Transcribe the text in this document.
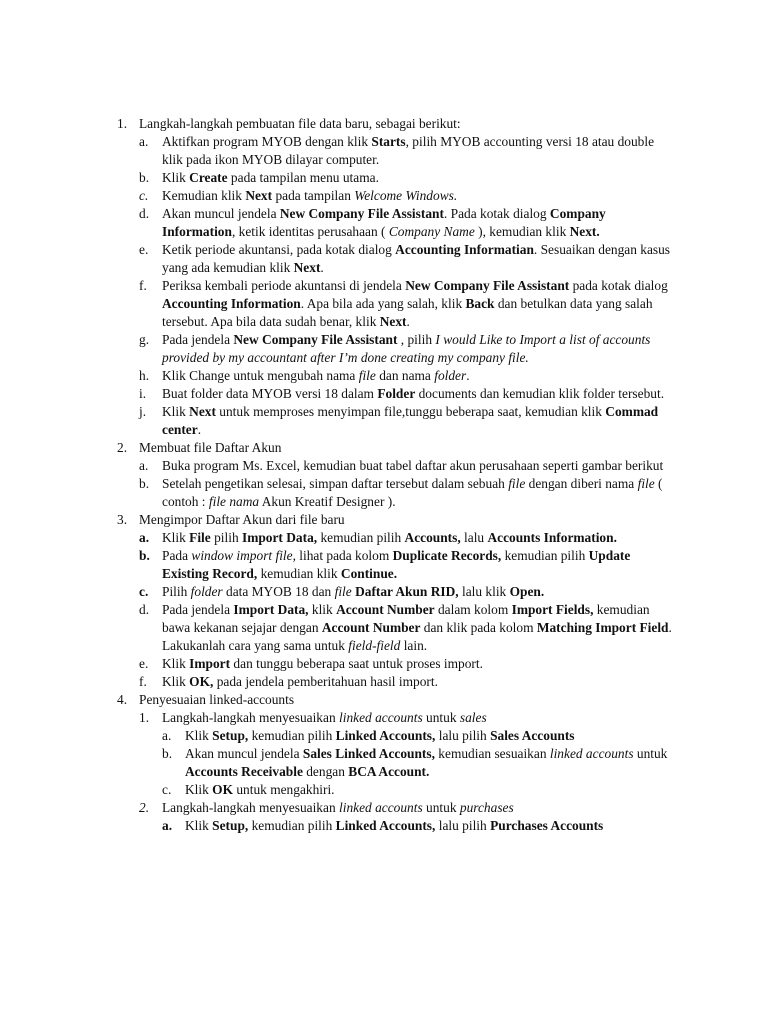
1. Langkah-langkah pembuatan file data baru, sebagai berikut:
a. Aktifkan program MYOB dengan klik Starts, pilih MYOB accounting versi 18 atau double klik pada ikon MYOB dilayar computer.
b. Klik Create pada tampilan menu utama.
c. Kemudian klik Next pada tampilan Welcome Windows.
d. Akan muncul jendela New Company File Assistant. Pada kotak dialog Company Information, ketik identitas perusahaan ( Company Name ), kemudian klik Next.
e. Ketik periode akuntansi, pada kotak dialog Accounting Informatian. Sesuaikan dengan kasus yang ada kemudian klik Next.
f. Periksa kembali periode akuntansi di jendela New Company File Assistant pada kotak dialog Accounting Information. Apa bila ada yang salah, klik Back dan betulkan data yang salah tersebut. Apa bila data sudah benar, klik Next.
g. Pada jendela New Company File Assistant , pilih I would Like to Import a list of accounts provided by my accountant after I’m done creating my company file.
h. Klik Change untuk mengubah nama file dan nama folder.
i. Buat folder data MYOB versi 18 dalam Folder documents dan kemudian klik folder tersebut.
j. Klik Next untuk memproses menyimpan file,tunggu beberapa saat, kemudian klik Commad center.
2. Membuat file Daftar Akun
a. Buka program Ms. Excel, kemudian buat tabel daftar akun perusahaan seperti gambar berikut
b. Setelah pengetikan selesai, simpan daftar tersebut dalam sebuah file dengan diberi nama file ( contoh : file nama Akun Kreatif Designer ).
3. Mengimpor Daftar Akun dari file baru
a. Klik File pilih Import Data, kemudian pilih Accounts, lalu Accounts Information.
b. Pada window import file, lihat pada kolom Duplicate Records, kemudian pilih Update Existing Record, kemudian klik Continue.
c. Pilih folder data MYOB 18 dan file Daftar Akun RID, lalu klik Open.
d. Pada jendela Import Data, klik Account Number dalam kolom Import Fields, kemudian bawa kekanan sejajar dengan Account Number dan klik pada kolom Matching Import Field. Lakukanlah cara yang sama untuk field-field lain.
e. Klik Import dan tunggu beberapa saat untuk proses import.
f. Klik OK, pada jendela pemberitahuan hasil import.
4. Penyesuaian linked-accounts
1. Langkah-langkah menyesuaikan linked accounts untuk sales
a. Klik Setup, kemudian pilih Linked Accounts, lalu pilih Sales Accounts
b. Akan muncul jendela Sales Linked Accounts, kemudian sesuaikan linked accounts untuk Accounts Receivable dengan BCA Account.
c. Klik OK untuk mengakhiri.
2. Langkah-langkah menyesuaikan linked accounts untuk purchases
a. Klik Setup, kemudian pilih Linked Accounts, lalu pilih Purchases Accounts
